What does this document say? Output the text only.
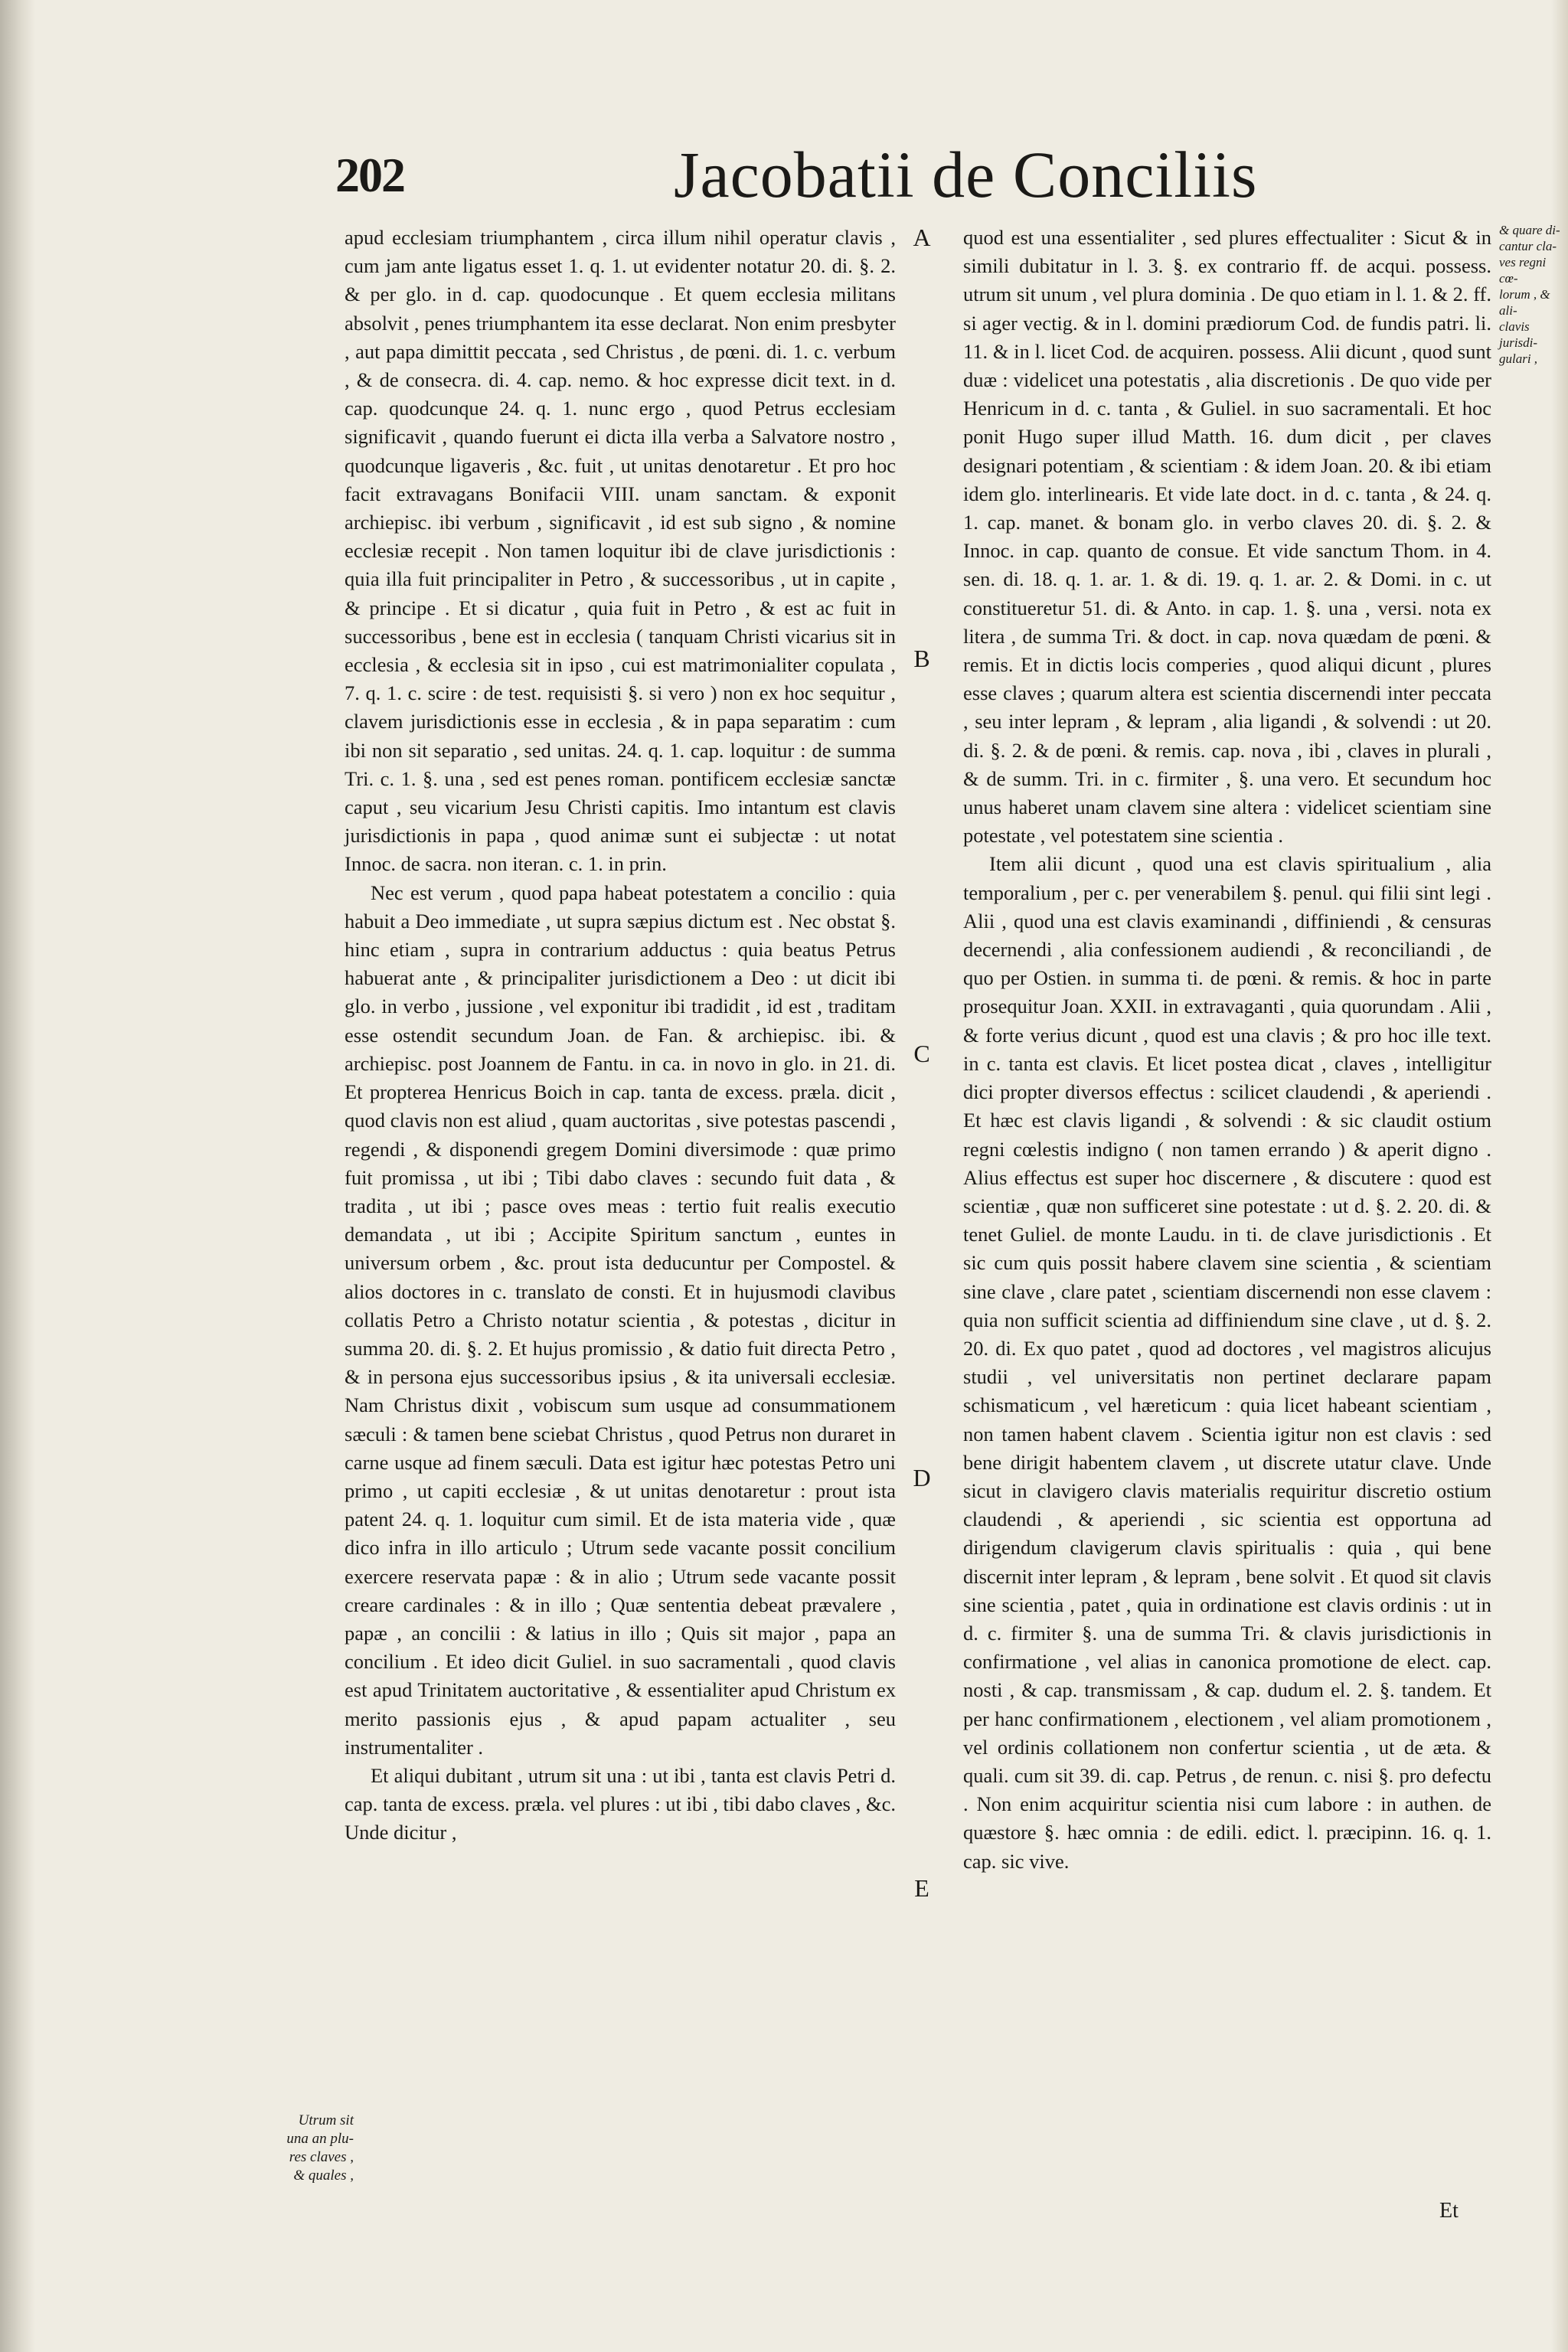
202	Jacobatii de Conciliis

apud ecclesiam triumphantem , circa illum nihil operatur clavis , cum jam ante ligatus esset 1. q. 1. ut evidenter notatur 20. di. §. 2. & per glo. in d. cap. quodocunque . Et quem ecclesia militans absolvit , penes triumphantem ita esse declarat. Non enim presbyter , aut papa dimittit peccata , sed Christus , de pœni. di. 1. c. verbum , & de consecra. di. 4. cap. nemo. & hoc expresse dicit text. in d. cap. quodcunque 24. q. 1. nunc ergo , quod Petrus ecclesiam significavit , quando fuerunt ei dicta illa verba a Salvatore nostro , quodcunque ligaveris , &c. fuit , ut unitas denotaretur . Et pro hoc facit extravagans Bonifacii VIII. unam sanctam. & exponit archiepisc. ibi verbum , significavit , id est sub signo , & nomine ecclesiæ recepit . Non tamen loquitur ibi de clave jurisdictionis : quia illa fuit principaliter in Petro , & successoribus , ut in capite , & principe . Et si dicatur , quia fuit in Petro , & est ac fuit in successoribus , bene est in ecclesia ( tanquam Christi vicarius sit in ecclesia , & ecclesia sit in ipso , cui est matrimonialiter copulata , 7. q. 1. c. scire : de test. requisisti §. si vero ) non ex hoc sequitur , clavem jurisdictionis esse in ecclesia , & in papa separatim : cum ibi non sit separatio , sed unitas. 24. q. 1. cap. loquitur : de summa Tri. c. 1. §. una , sed est penes roman. pontificem ecclesiæ sanctæ caput , seu vicarium Jesu Christi capitis. Imo intantum est clavis jurisdictionis in papa , quod animæ sunt ei subjectæ : ut notat Innoc. de sacra. non iteran. c. 1. in prin.

Nec est verum , quod papa habeat potestatem a concilio : quia habuit a Deo immediate , ut supra sæpius dictum est . Nec obstat §. hinc etiam , supra in contrarium adductus : quia beatus Petrus habuerat ante , & principaliter jurisdictionem a Deo : ut dicit ibi glo. in verbo , jussione , vel exponitur ibi tradidit , id est , traditam esse ostendit secundum Joan. de Fan. & archiepisc. ibi. & archiepisc. post Joannem de Fantu. in ca. in novo in glo. in 21. di. Et propterea Henricus Boich in cap. tanta de excess. præla. dicit , quod clavis non est aliud , quam auctoritas , sive potestas pascendi , regendi , & disponendi gregem Domini diversimode : quæ primo fuit promissa , ut ibi ; Tibi dabo claves : secundo fuit data , & tradita , ut ibi ; pasce oves meas : tertio fuit realis executio demandata , ut ibi ; Accipite Spiritum sanctum , euntes in universum orbem , &c. prout ista deducuntur per Compostel. & alios doctores in c. translato de consti. Et in hujusmodi clavibus collatis Petro a Christo notatur scientia , & potestas , dicitur in summa 20. di. §. 2. Et hujus promissio , & datio fuit directa Petro , & in persona ejus successoribus ipsius , & ita universali ecclesiæ. Nam Christus dixit , vobiscum sum usque ad consummationem sæculi : & tamen bene sciebat Christus , quod Petrus non duraret in carne usque ad finem sæculi. Data est igitur hæc potestas Petro uni primo , ut capiti ecclesiæ , & ut unitas denotaretur : prout ista patent 24. q. 1. loquitur cum simil. Et de ista materia vide , quæ dico infra in illo articulo ; Utrum sede vacante possit concilium exercere reservata papæ : & in alio ; Utrum sede vacante possit creare cardinales : & in illo ; Quæ sententia debeat prævalere , papæ , an concilii : & latius in illo ; Quis sit major , papa an concilium . Et ideo dicit Guliel. in suo sacramentali , quod clavis est apud Trinitatem auctoritative , & essentialiter apud Christum ex merito passionis ejus , & apud papam actualiter , seu instrumentaliter .

Et aliqui dubitant , utrum sit una : ut ibi , tanta est clavis Petri d. cap. tanta de excess. præla. vel plures : ut ibi , tibi dabo claves , &c. Unde dicitur ,

quod est una essentialiter , sed plures effectualiter : Sicut & in simili dubitatur in l. 3. §. ex contrario ff. de acqui. possess. utrum sit unum , vel plura dominia . De quo etiam in l. 1. & 2. ff. si ager vectig. & in l. domini prædiorum Cod. de fundis patri. li. 11. & in l. licet Cod. de acquiren. possess. Alii dicunt , quod sunt duæ : videlicet una potestatis , alia discretionis . De quo vide per Henricum in d. c. tanta , & Guliel. in suo sacramentali. Et hoc ponit Hugo super illud Matth. 16. dum dicit , per claves designari potentiam , & scientiam : & idem Joan. 20. & ibi etiam idem glo. interlinearis. Et vide late doct. in d. c. tanta , & 24. q. 1. cap. manet. & bonam glo. in verbo claves 20. di. §. 2. & Innoc. in cap. quanto de consue. Et vide sanctum Thom. in 4. sen. di. 18. q. 1. ar. 1. & di. 19. q. 1. ar. 2. & Domi. in c. ut constitueretur 51. di. & Anto. in cap. 1. §. una , versi. nota ex litera , de summa Tri. & doct. in cap. nova quædam de pœni. & remis. Et in dictis locis comperies , quod aliqui dicunt , plures esse claves ; quarum altera est scientia discernendi inter peccata , seu inter lepram , & lepram , alia ligandi , & solvendi : ut 20. di. §. 2. & de pœni. & remis. cap. nova , ibi , claves in plurali , & de summ. Tri. in c. firmiter , §. una vero. Et secundum hoc unus haberet unam clavem sine altera : videlicet scientiam sine potestate , vel potestatem sine scientia .

Item alii dicunt , quod una est clavis spiritualium , alia temporalium , per c. per venerabilem §. penul. qui filii sint legi . Alii , quod una est clavis examinandi , diffiniendi , & censuras decernendi , alia confessionem audiendi , & reconciliandi , de quo per Ostien. in summa ti. de pœni. & remis. & hoc in parte prosequitur Joan. XXII. in extravaganti , quia quorundam . Alii , & forte verius dicunt , quod est una clavis ; & pro hoc ille text. in c. tanta est clavis. Et licet postea dicat , claves , intelligitur dici propter diversos effectus : scilicet claudendi , & aperiendi . Et hæc est clavis ligandi , & solvendi : & sic claudit ostium regni cœlestis indigno ( non tamen errando ) & aperit digno . Alius effectus est super hoc discernere , & discutere : quod est scientiæ , quæ non sufficeret sine potestate : ut d. §. 2. 20. di. & tenet Guliel. de monte Laudu. in ti. de clave jurisdictionis . Et sic cum quis possit habere clavem sine scientia , & scientiam sine clave , clare patet , scientiam discernendi non esse clavem : quia non sufficit scientia ad diffiniendum sine clave , ut d. §. 2. 20. di. Ex quo patet , quod ad doctores , vel magistros alicujus studii , vel universitatis non pertinet declarare papam schismaticum , vel hæreticum : quia licet habeant scientiam , non tamen habent clavem . Scientia igitur non est clavis : sed bene dirigit habentem clavem , ut discrete utatur clave. Unde sicut in clavigero clavis materialis requiritur discretio ostium claudendi , & aperiendi , sic scientia est opportuna ad dirigendum clavigerum clavis spiritualis : quia , qui bene discernit inter lepram , & lepram , bene solvit . Et quod sit clavis sine scientia , patet , quia in ordinatione est clavis ordinis : ut in d. c. firmiter §. una de summa Tri. & clavis jurisdictionis in confirmatione , vel alias in canonica promotione de elect. cap. nosti , & cap. transmissam , & cap. dudum el. 2. §. tandem. Et per hanc confirmationem , electionem , vel aliam promotionem , vel ordinis collationem non confertur scientia , ut de æta. & quali. cum sit 39. di. cap. Petrus , de renun. c. nisi §. pro defectu . Non enim acquiritur scientia nisi cum labore : in authen. de quæstore §. hæc omnia : de edili. edict. l. præcipinn. 16. q. 1. cap. sic vive.

A
B
C
D
E
Utrum sit
una an plu-
res claves ,
& quales ,
& quare di-
cantur cla-
ves regni cœ-
lorum , & ali-
clavis jurisdi-
gulari ,
Et
